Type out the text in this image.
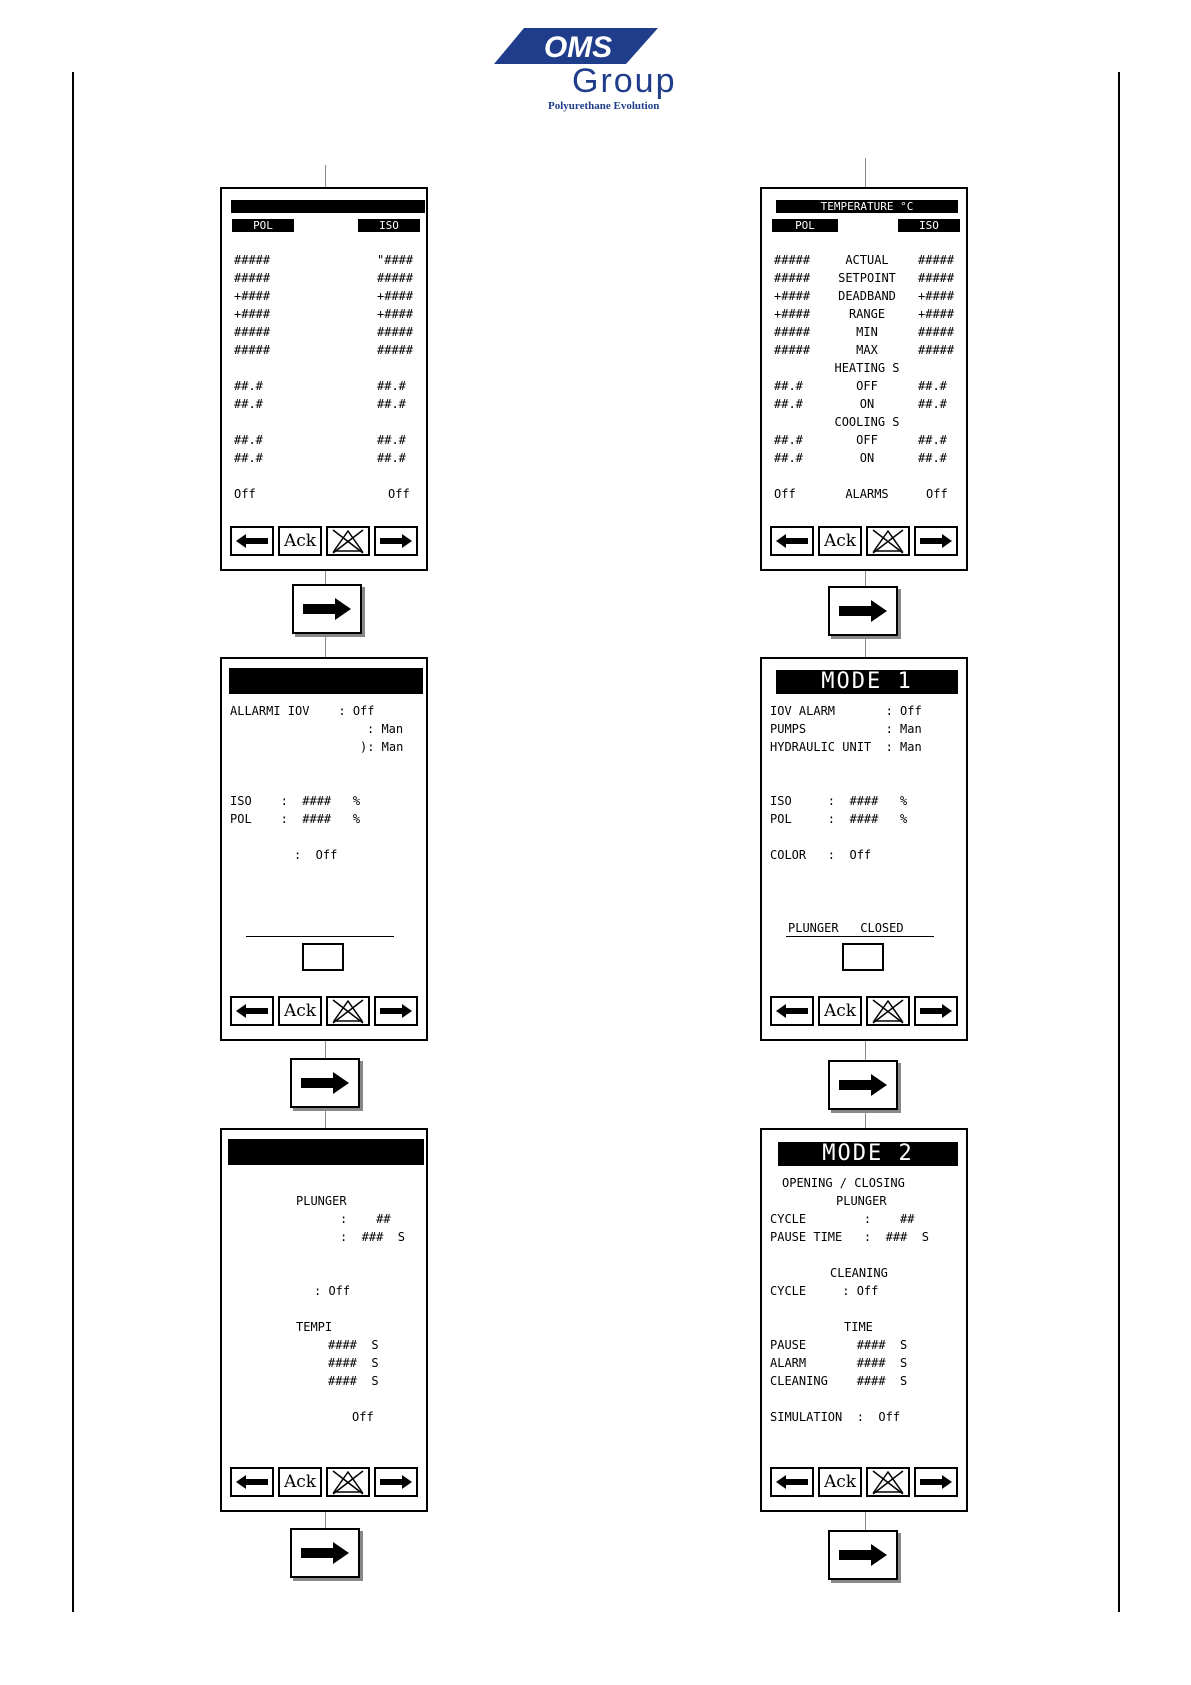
OMS
Group
Polyurethane Evolution
POL	ISO
#####	"####
#####	#####
+####	+####
+####	+####
#####	#####
#####	#####
##.#	##.#
##.#	##.#
##.#	##.#
##.#	##.#
Off	Off
Ack
ALLARMI IOV    : Off
: Man
): Man
ISO    :  ####   %
POL    :  ####   %
:  Off
Ack
PLUNGER
:    ##
:  ###  S
: Off
TEMPI
####  S
####  S
####  S
Off
Ack
TEMPERATURE °C
POL	ISO
#####	ACTUAL	#####
#####	SETPOINT	#####
+####	DEADBAND	+####
+####	RANGE	+####
#####	MIN	#####
#####	MAX	#####
HEATING S
##.#	OFF	##.#
##.#	ON	##.#
COOLING S
##.#	OFF	##.#
##.#	ON	##.#
Off	ALARMS	Off
Ack
MODE 1
IOV ALARM       : Off
PUMPS           : Man
HYDRAULIC UNIT  : Man
ISO     :  ####   %
POL     :  ####   %
COLOR   :  Off
PLUNGER   CLOSED
Ack
MODE 2
OPENING / CLOSING
PLUNGER
CYCLE        :    ##
PAUSE TIME   :  ###  S
CLEANING
CYCLE     : Off
TIME
PAUSE       ####  S
ALARM       ####  S
CLEANING    ####  S
SIMULATION  :  Off
Ack
